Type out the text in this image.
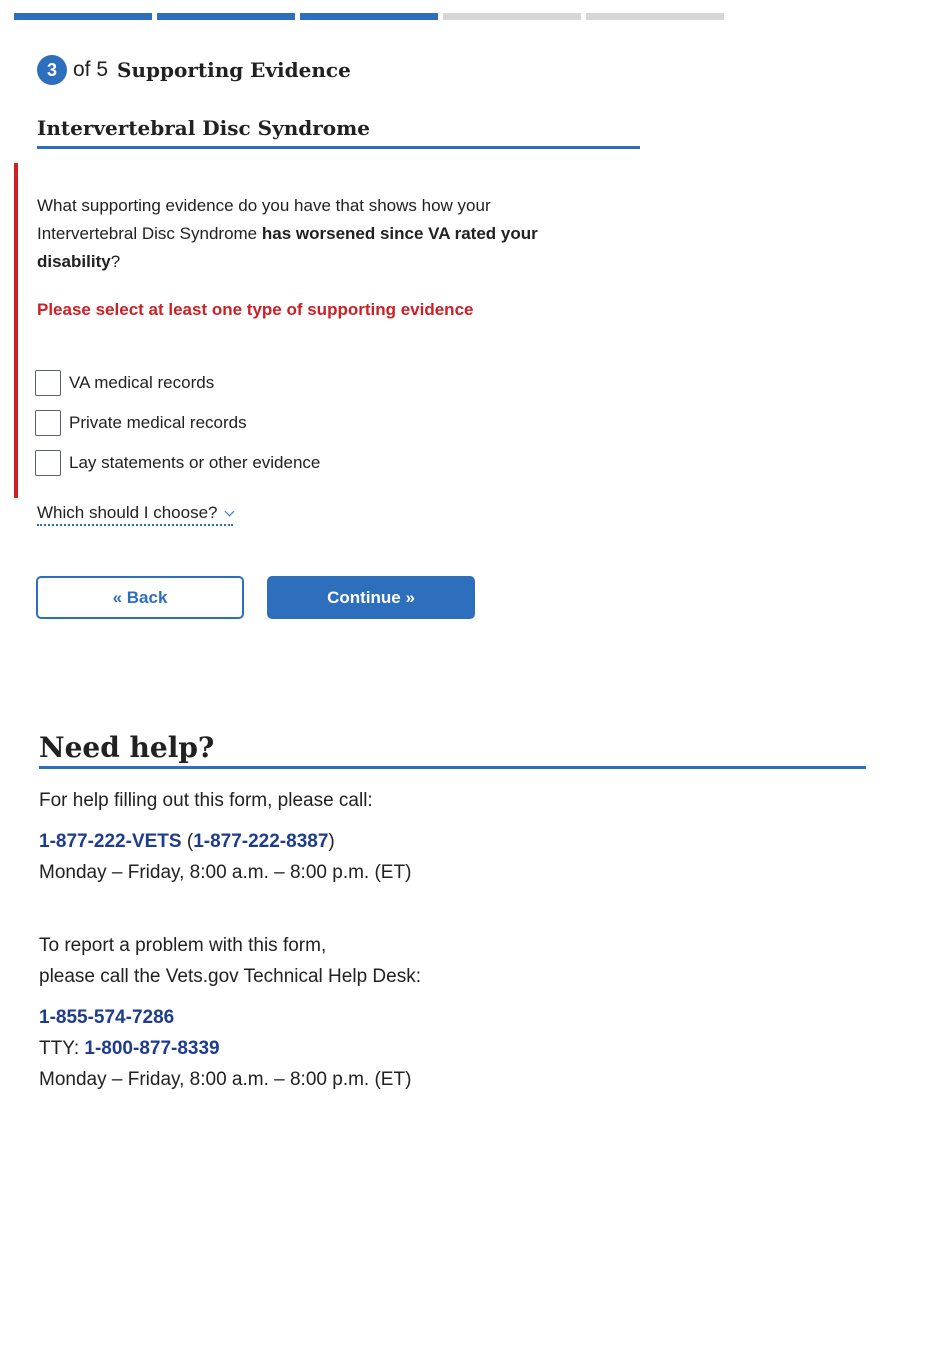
3 of 5 Supporting Evidence
Intervertebral Disc Syndrome

What supporting evidence do you have that shows how your
Intervertebral Disc Syndrome has worsened since VA rated your
disability?

Please select at least one type of supporting evidence
VA medical records
Private medical records
Lay statements or other evidence
Which should I choose?
« Back	Continue »
Need help?
For help filling out this form, please call:
1-877-222-VETS (1-877-222-8387)
Monday – Friday, 8:00 a.m. – 8:00 p.m. (ET)
To report a problem with this form,
please call the Vets.gov Technical Help Desk:
1-855-574-7286
TTY: 1-800-877-8339
Monday – Friday, 8:00 a.m. – 8:00 p.m. (ET)
